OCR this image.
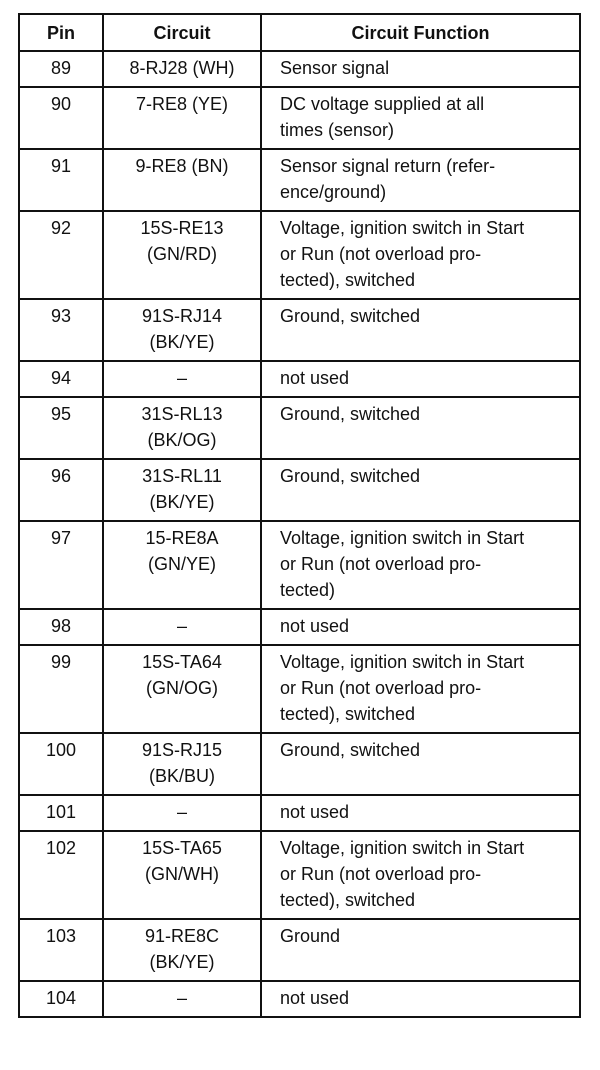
Pin	Circuit	Circuit Function
89	8-RJ28 (WH)	Sensor signal

90	7-RE8 (YE)	DC voltage supplied at all
times (sensor)

91	9-RE8 (BN)	Sensor signal return (refer-
ence/ground)

92	15S-RE13
(GN/RD)	Voltage, ignition switch in Start
or Run (not overload pro-
tected), switched

93	91S-RJ14
(BK/YE)	Ground, switched

94	–	not used

95	31S-RL13
(BK/OG)	Ground, switched

96	31S-RL11
(BK/YE)	Ground, switched

97	15-RE8A
(GN/YE)	Voltage, ignition switch in Start
or Run (not overload pro-
tected)

98	–	not used

99	15S-TA64
(GN/OG)	Voltage, ignition switch in Start
or Run (not overload pro-
tected), switched

100	91S-RJ15
(BK/BU)	Ground, switched

101	–	not used

102	15S-TA65
(GN/WH)	Voltage, ignition switch in Start
or Run (not overload pro-
tected), switched

103	91-RE8C
(BK/YE)	Ground

104	–	not used
